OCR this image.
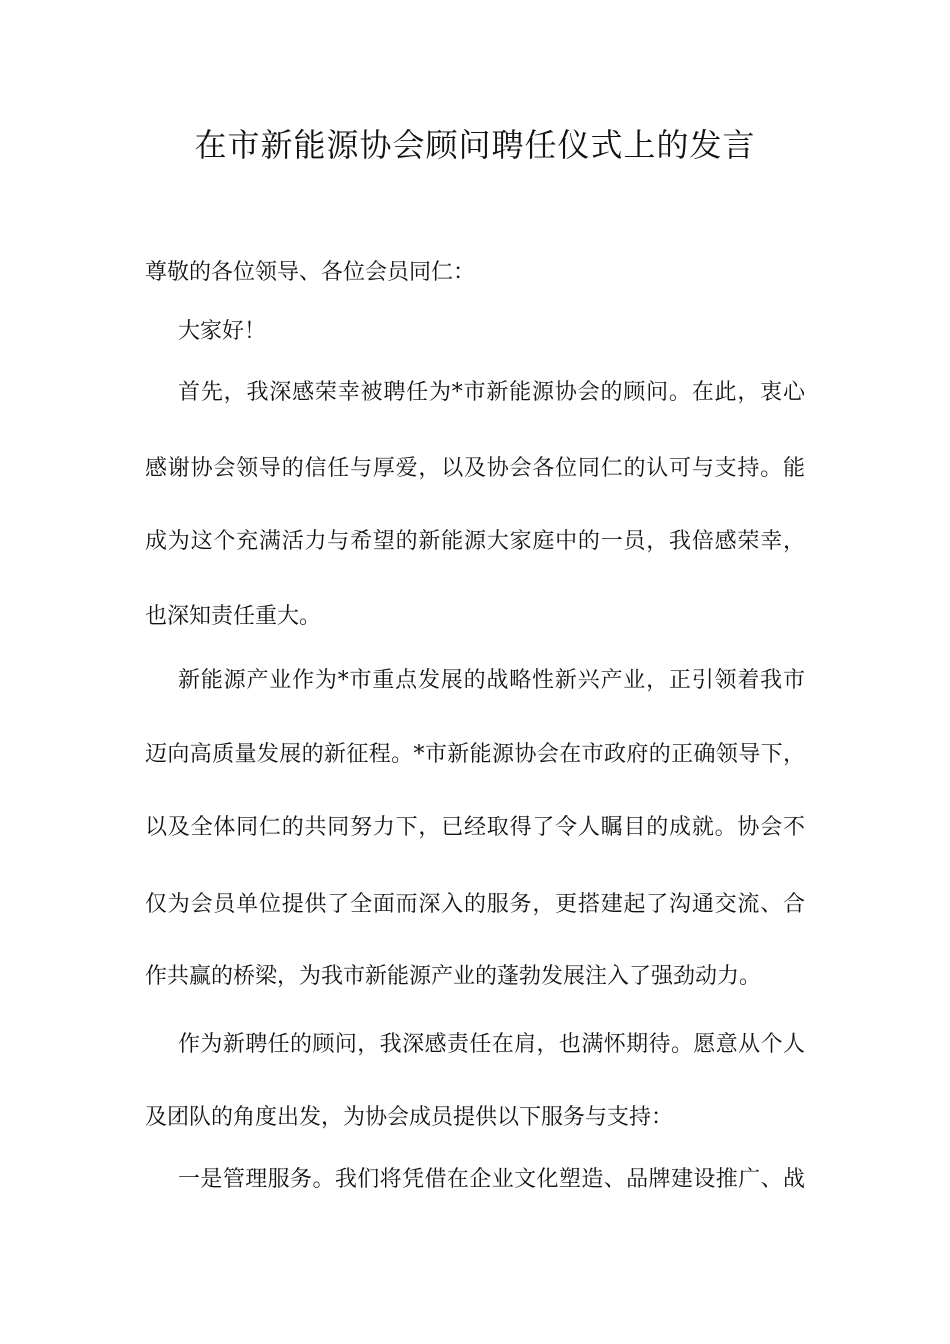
在市新能源协会顾问聘任仪式上的发言
尊敬的各位领导、各位会员同仁：
大家好！
首先，我深感荣幸被聘任为*市新能源协会的顾问。在此，衷心
感谢协会领导的信任与厚爱，以及协会各位同仁的认可与支持。能
成为这个充满活力与希望的新能源大家庭中的一员，我倍感荣幸，
也深知责任重大。
新能源产业作为*市重点发展的战略性新兴产业，正引领着我市
迈向高质量发展的新征程。*市新能源协会在市政府的正确领导下，
以及全体同仁的共同努力下，已经取得了令人瞩目的成就。协会不
仅为会员单位提供了全面而深入的服务，更搭建起了沟通交流、合
作共赢的桥梁，为我市新能源产业的蓬勃发展注入了强劲动力。
作为新聘任的顾问，我深感责任在肩，也满怀期待。愿意从个人
及团队的角度出发，为协会成员提供以下服务与支持：
一是管理服务。我们将凭借在企业文化塑造、品牌建设推广、战
